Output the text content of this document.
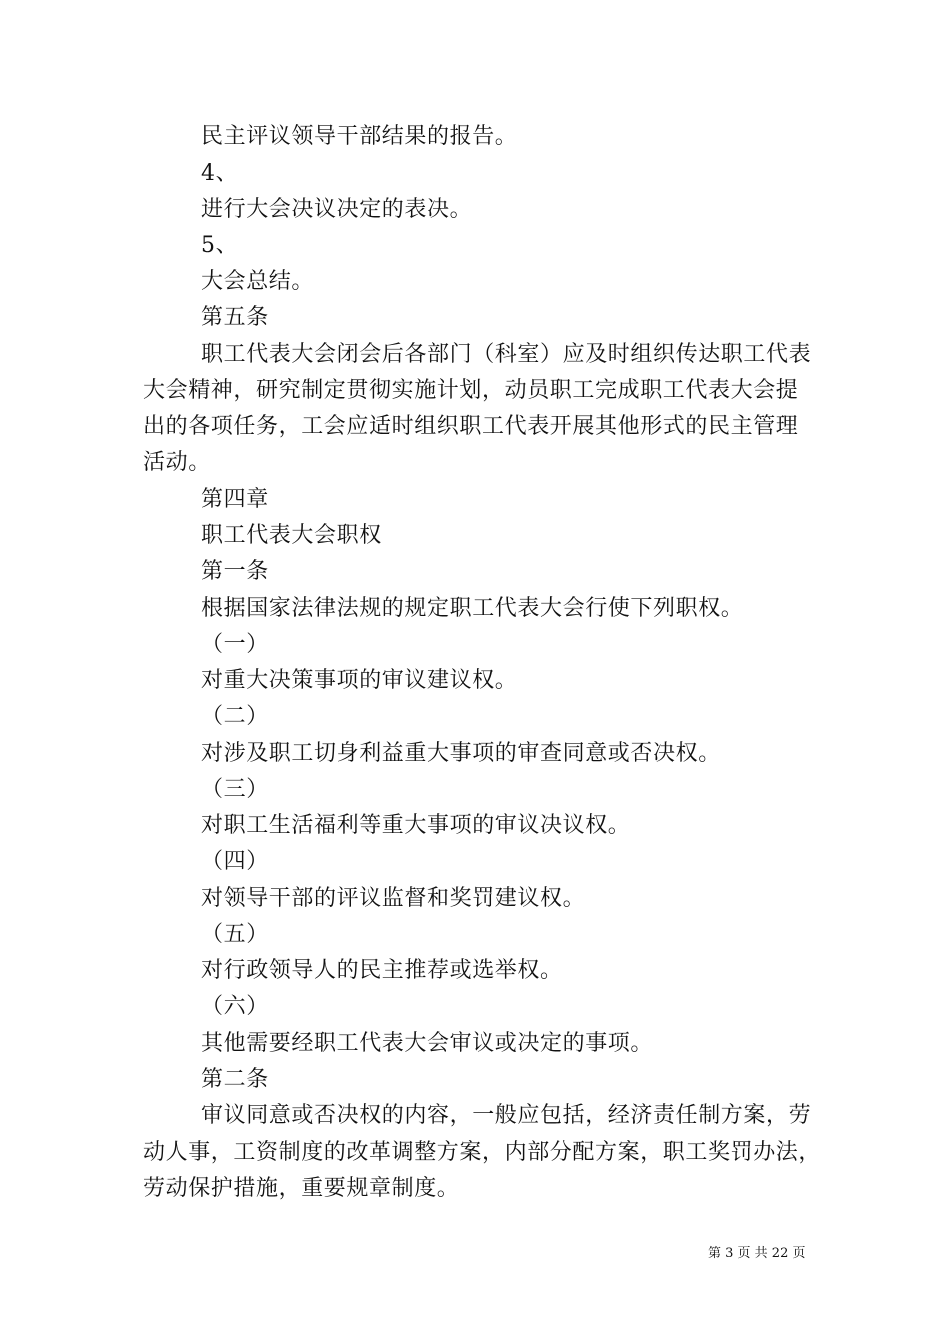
民主评议领导干部结果的报告。
4、
进行大会决议决定的表决。
5、
大会总结。
第五条
职工代表大会闭会后各部门（科室）应及时组织传达职工代表
大会精神，研究制定贯彻实施计划，动员职工完成职工代表大会提
出的各项任务，工会应适时组织职工代表开展其他形式的民主管理
活动。
第四章
职工代表大会职权
第一条
根据国家法律法规的规定职工代表大会行使下列职权。
（一）
对重大决策事项的审议建议权。
（二）
对涉及职工切身利益重大事项的审查同意或否决权。
（三）
对职工生活福利等重大事项的审议决议权。
（四）
对领导干部的评议监督和奖罚建议权。
（五）
对行政领导人的民主推荐或选举权。
（六）
其他需要经职工代表大会审议或决定的事项。
第二条
审议同意或否决权的内容，一般应包括，经济责任制方案，劳
动人事，工资制度的改革调整方案，内部分配方案，职工奖罚办法，
劳动保护措施，重要规章制度。
第 3 页 共 22 页
